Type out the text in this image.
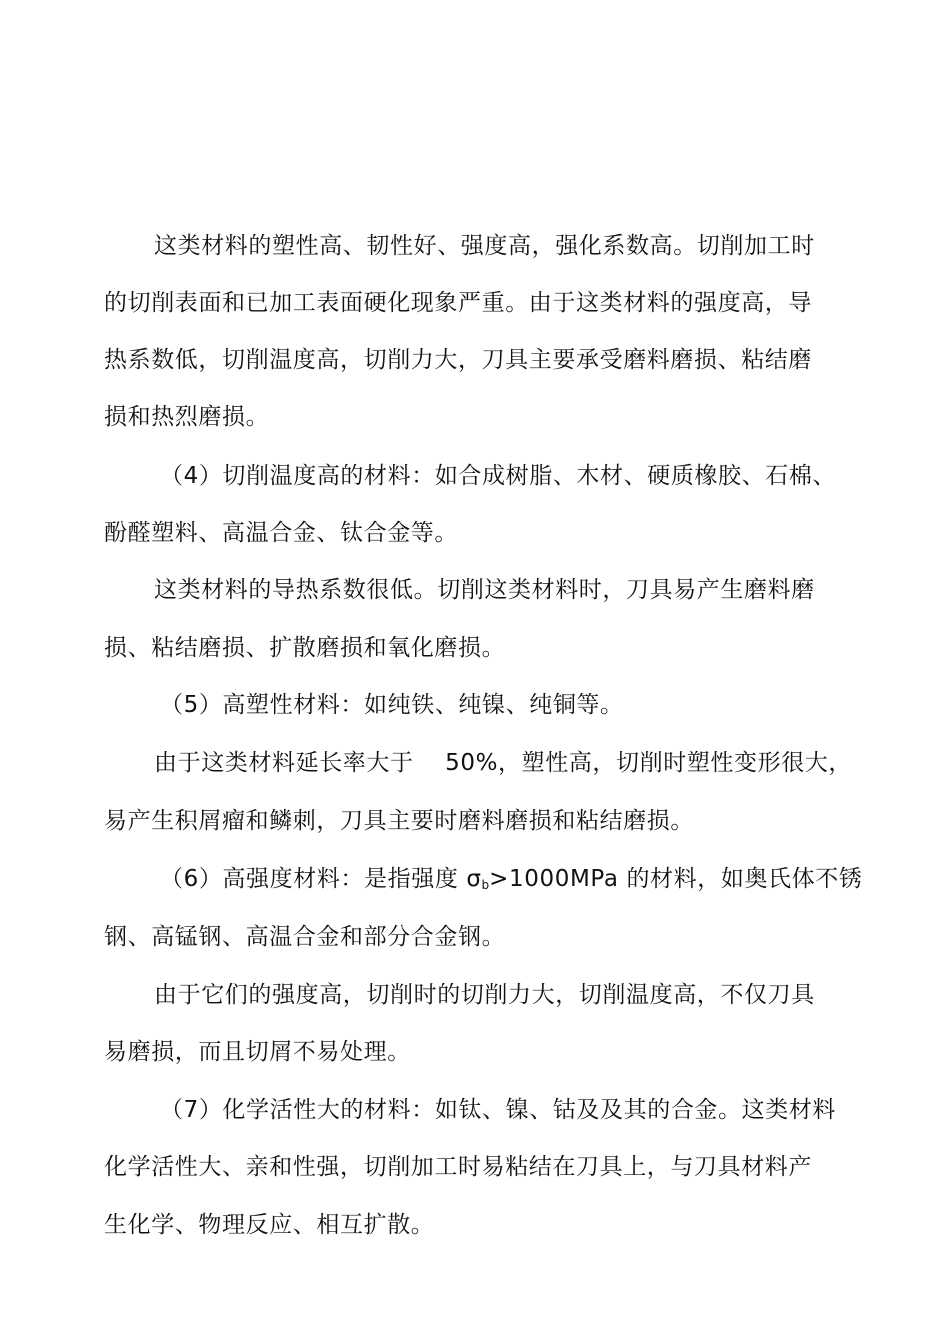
这类材料的塑性高、韧性好、强度高，强化系数高。切削加工时
的切削表面和已加工表面硬化现象严重。由于这类材料的强度高，导
热系数低，切削温度高，切削力大，刀具主要承受磨料磨损、粘结磨
损和热烈磨损。
（4）切削温度高的材料：如合成树脂、木材、硬质橡胶、石棉、
酚醛塑料、高温合金、钛合金等。
这类材料的导热系数很低。切削这类材料时，刀具易产生磨料磨
损、粘结磨损、扩散磨损和氧化磨损。
（5）高塑性材料：如纯铁、纯镍、纯铜等。
由于这类材料延长率大于　 50%，塑性高，切削时塑性变形很大，
易产生积屑瘤和鳞刺，刀具主要时磨料磨损和粘结磨损。
（6）高强度材料：是指强度 $\sigma_b>1000MPa$ 的材料，如奥氏体不锈
钢、高锰钢、高温合金和部分合金钢。
由于它们的强度高，切削时的切削力大，切削温度高，不仅刀具
易磨损，而且切屑不易处理。
（7）化学活性大的材料：如钛、镍、钴及及其的合金。这类材料
化学活性大、亲和性强，切削加工时易粘结在刀具上，与刀具材料产
生化学、物理反应、相互扩散。
